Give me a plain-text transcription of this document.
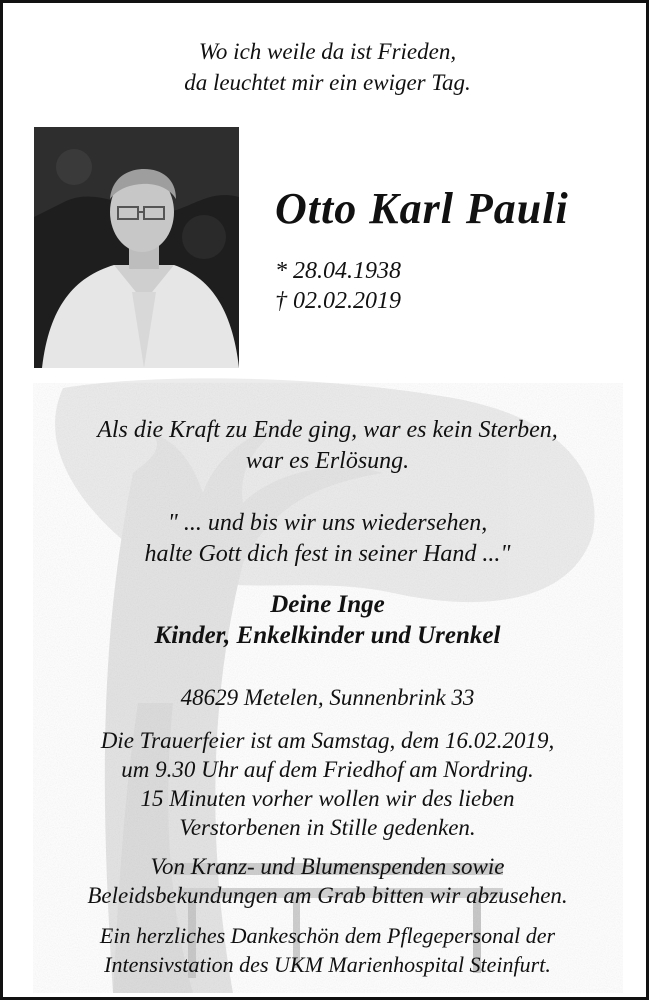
Wo ich weile da ist Frieden,
da leuchtet mir ein ewiger Tag.
Otto Karl Pauli
* 28.04.1938
† 02.02.2019
Als die Kraft zu Ende ging, war es kein Sterben,
war es Erlösung.
" ... und bis wir uns wiedersehen,
halte Gott dich fest in seiner Hand ..."
Deine Inge
Kinder, Enkelkinder und Urenkel
48629 Metelen, Sunnenbrink 33
Die Trauerfeier ist am Samstag, dem 16.02.2019,
um 9.30 Uhr auf dem Friedhof am Nordring.
15 Minuten vorher wollen wir des lieben
Verstorbenen in Stille gedenken.
Von Kranz- und Blumenspenden sowie
Beleidsbekundungen am Grab bitten wir abzusehen.
Ein herzliches Dankeschön dem Pflegepersonal der
Intensivstation des UKM Marienhospital Steinfurt.
